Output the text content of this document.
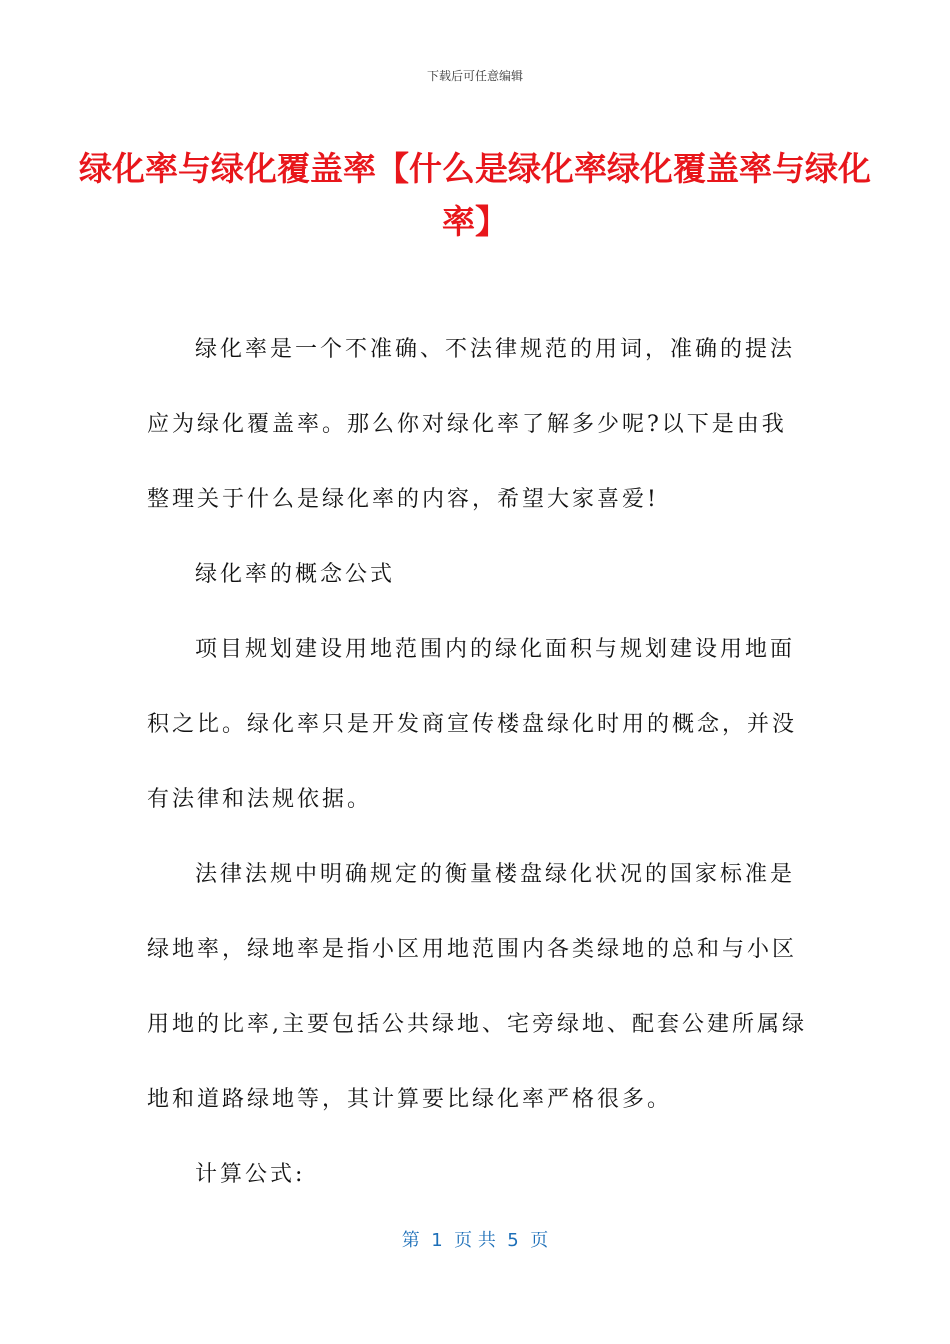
下载后可任意编辑
绿化率与绿化覆盖率【什么是绿化率绿化覆盖率与绿化率】

绿化率是一个不准确、不法律规范的用词，准确的提法应为绿化覆盖率。那么你对绿化率了解多少呢?以下是由我整理关于什么是绿化率的内容，希望大家喜爱!

绿化率的概念公式

项目规划建设用地范围内的绿化面积与规划建设用地面积之比。绿化率只是开发商宣传楼盘绿化时用的概念，并没有法律和法规依据。

法律法规中明确规定的衡量楼盘绿化状况的国家标准是绿地率，绿地率是指小区用地范围内各类绿地的总和与小区用地的比率,主要包括公共绿地、宅旁绿地、配套公建所属绿地和道路绿地等，其计算要比绿化率严格很多。

计算公式:

第  1  页 共  5  页
